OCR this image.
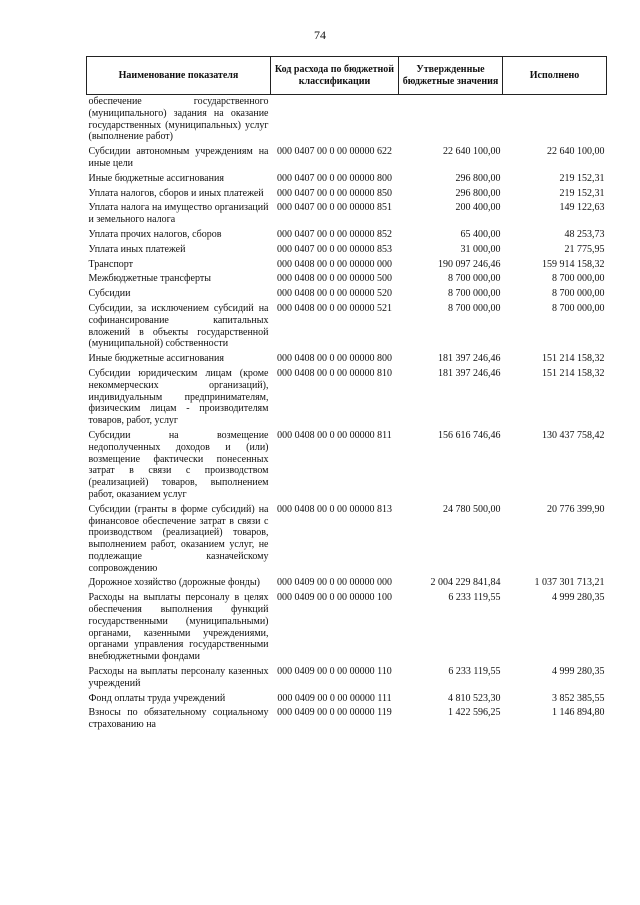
74
Наименование показателя	Код расхода по бюджетной классификации	Утвержденные бюджетные значения	Исполнено
обеспечение государственного (муниципального) задания на оказание государственных (муниципальных) услуг (выполнение работ)			
Субсидии автономным учреждениям на иные цели	000 0407 00 0 00 00000 622	22 640 100,00	22 640 100,00
Иные бюджетные ассигнования	000 0407 00 0 00 00000 800	296 800,00	219 152,31
Уплата налогов, сборов и иных платежей	000 0407 00 0 00 00000 850	296 800,00	219 152,31
Уплата налога на имущество организаций и земельного налога	000 0407 00 0 00 00000 851	200 400,00	149 122,63
Уплата прочих налогов, сборов	000 0407 00 0 00 00000 852	65 400,00	48 253,73
Уплата иных платежей	000 0407 00 0 00 00000 853	31 000,00	21 775,95
Транспорт	000 0408 00 0 00 00000 000	190 097 246,46	159 914 158,32
Межбюджетные трансферты	000 0408 00 0 00 00000 500	8 700 000,00	8 700 000,00
Субсидии	000 0408 00 0 00 00000 520	8 700 000,00	8 700 000,00
Субсидии, за исключением субсидий на софинансирование капитальных вложений в объекты государственной (муниципальной) собственности	000 0408 00 0 00 00000 521	8 700 000,00	8 700 000,00
Иные бюджетные ассигнования	000 0408 00 0 00 00000 800	181 397 246,46	151 214 158,32
Субсидии юридическим лицам (кроме некоммерческих организаций), индивидуальным предпринимателям, физическим лицам - производителям товаров, работ, услуг	000 0408 00 0 00 00000 810	181 397 246,46	151 214 158,32
Субсидии на возмещение недополученных доходов и (или) возмещение фактически понесенных затрат в связи с производством (реализацией) товаров, выполнением работ, оказанием услуг	000 0408 00 0 00 00000 811	156 616 746,46	130 437 758,42
Субсидии (гранты в форме субсидий) на финансовое обеспечение затрат в связи с производством (реализацией) товаров, выполнением работ, оказанием услуг, не подлежащие казначейскому сопровождению	000 0408 00 0 00 00000 813	24 780 500,00	20 776 399,90
Дорожное хозяйство (дорожные фонды)	000 0409 00 0 00 00000 000	2 004 229 841,84	1 037 301 713,21
Расходы на выплаты персоналу в целях обеспечения выполнения функций государственными (муниципальными) органами, казенными учреждениями, органами управления государственными внебюджетными фондами	000 0409 00 0 00 00000 100	6 233 119,55	4 999 280,35
Расходы на выплаты персоналу казенных учреждений	000 0409 00 0 00 00000 110	6 233 119,55	4 999 280,35
Фонд оплаты труда учреждений	000 0409 00 0 00 00000 111	4 810 523,30	3 852 385,55
Взносы по обязательному социальному страхованию на	000 0409 00 0 00 00000 119	1 422 596,25	1 146 894,80
